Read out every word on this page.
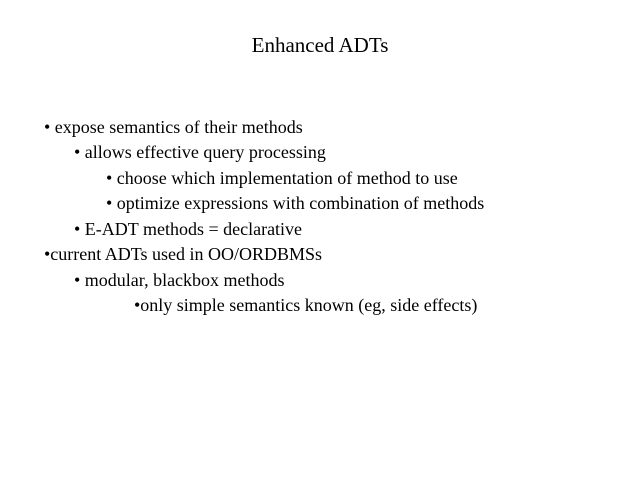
Enhanced ADTs
• expose semantics of their methods
• allows effective query processing
• choose which implementation of method to use
• optimize expressions with combination of methods
• E-ADT methods = declarative
•current ADTs used in OO/ORDBMSs
• modular, blackbox methods
•only simple semantics known (eg, side effects)
